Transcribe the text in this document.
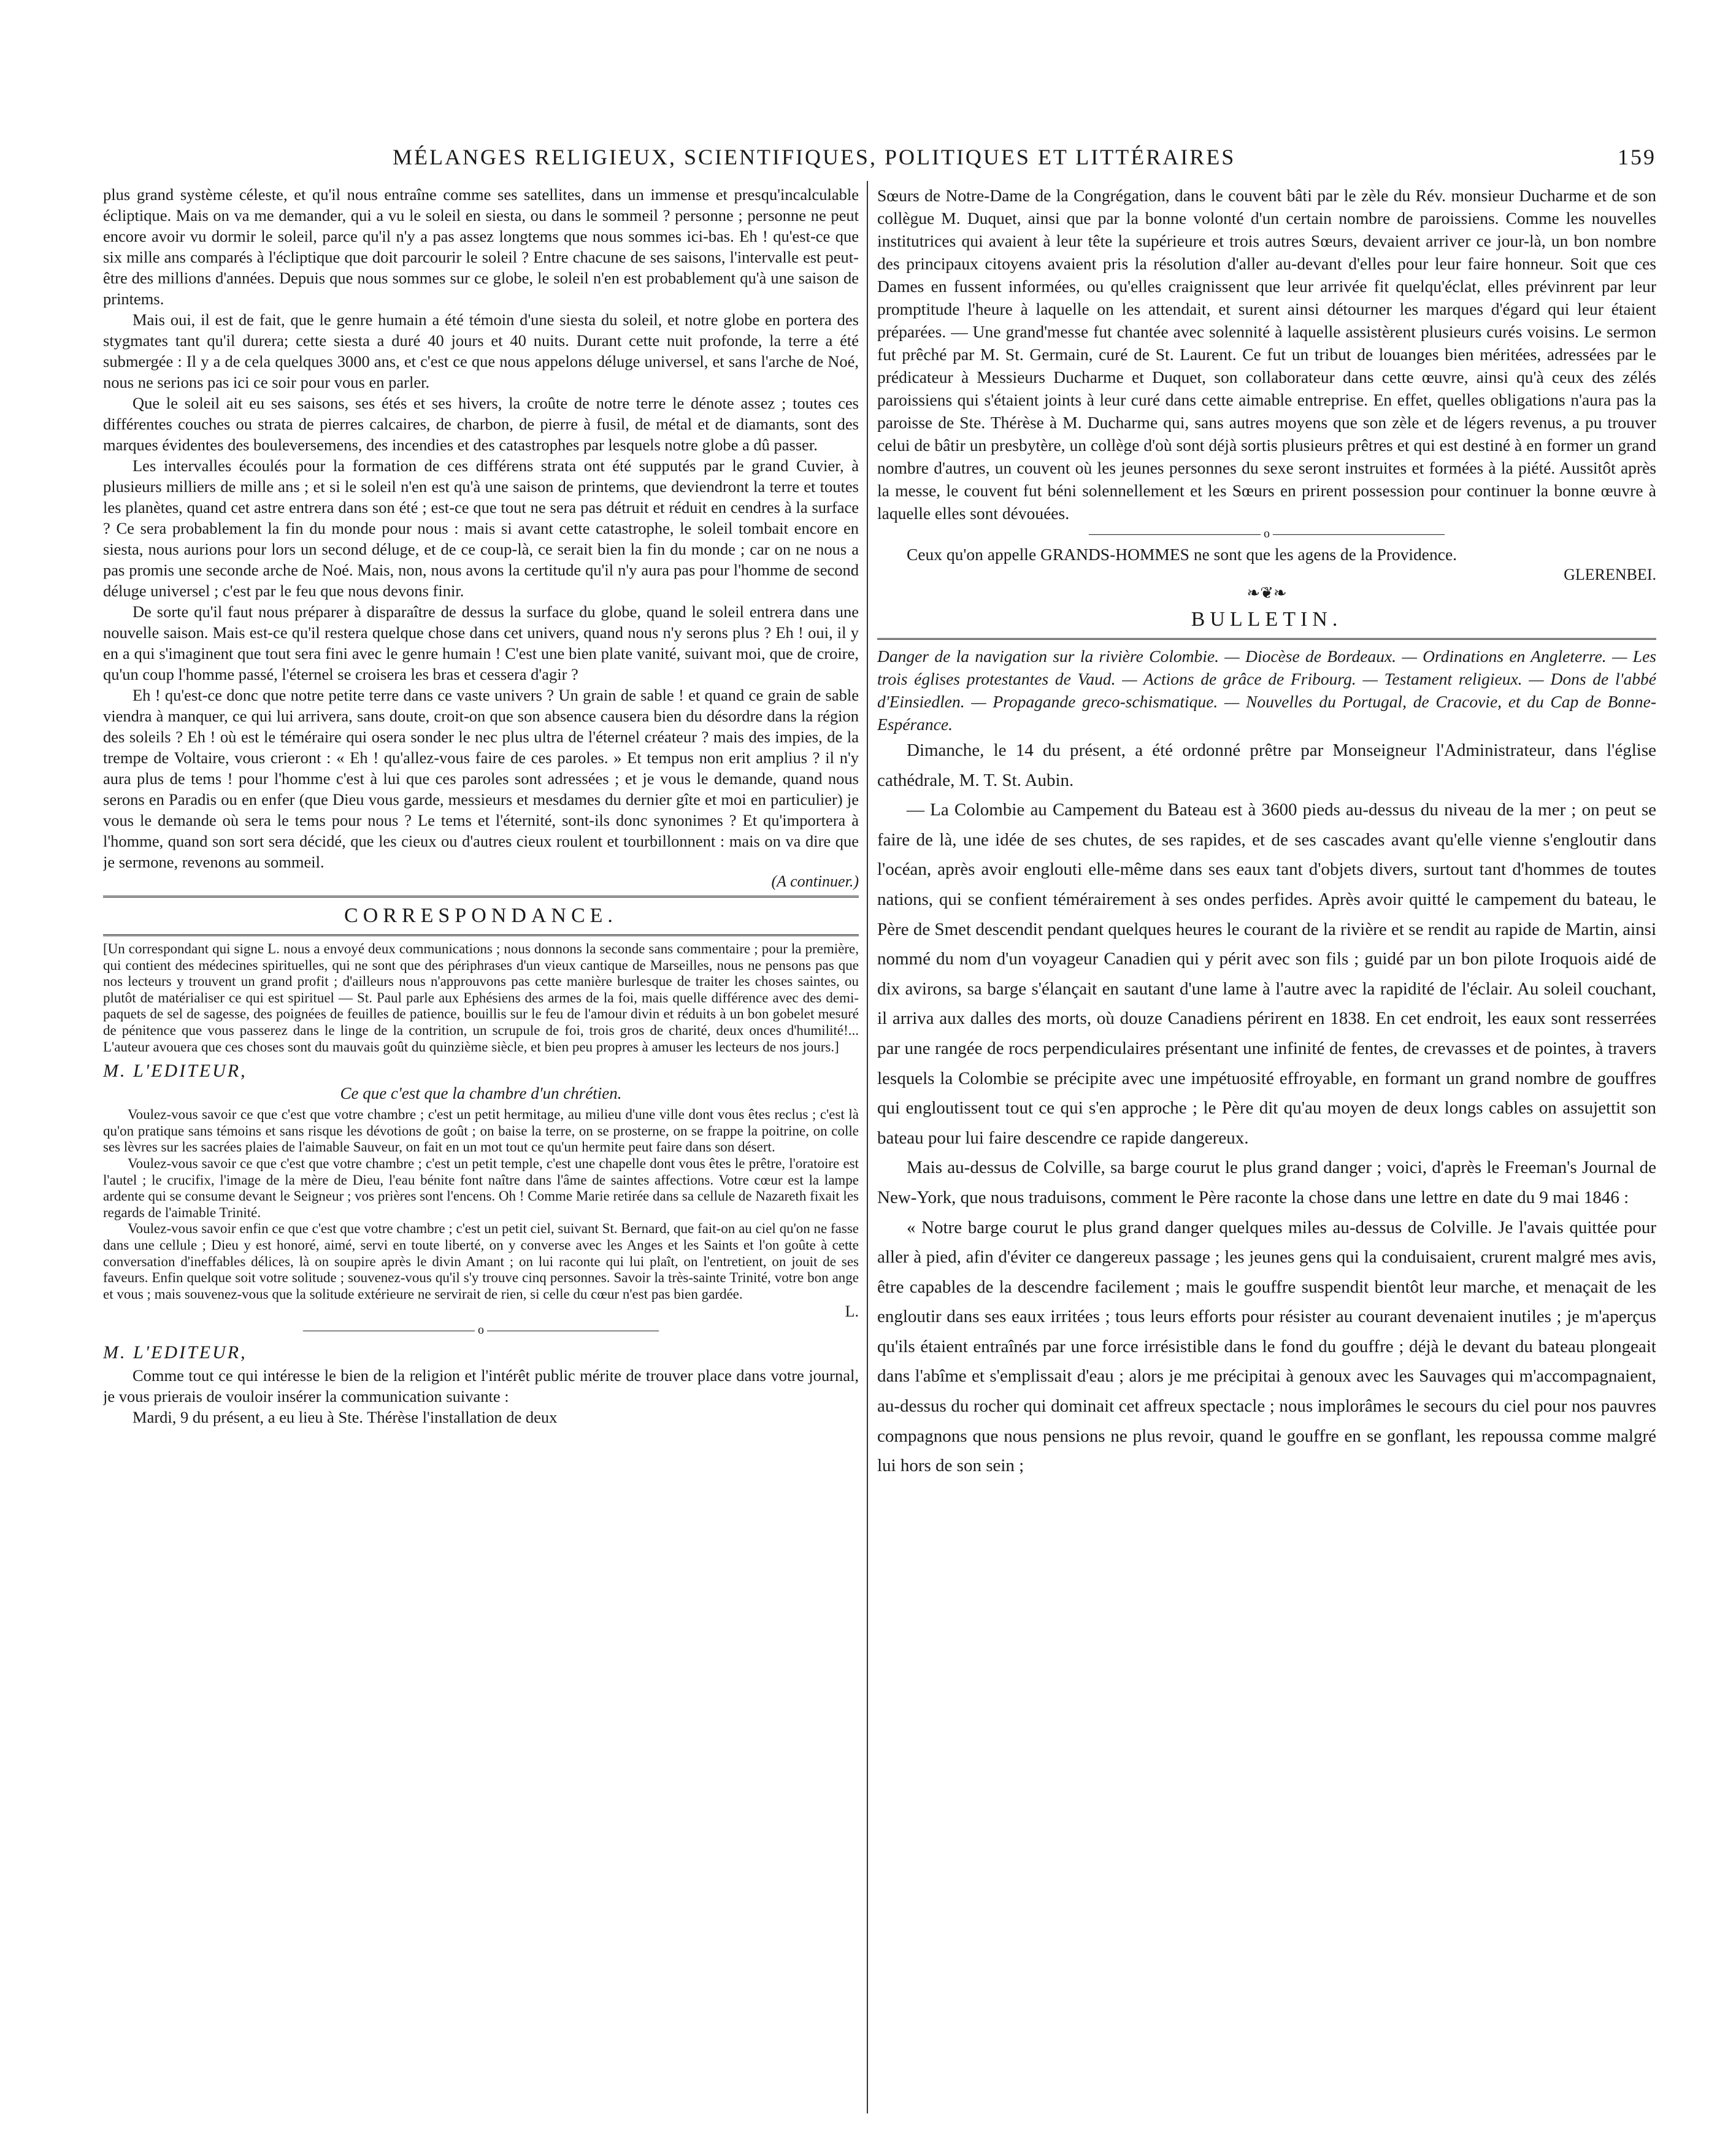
MÉLANGES RELIGIEUX, SCIENTIFIQUES, POLITIQUES ET LITTÉRAIRES	159

plus grand système céleste, et qu'il nous entraîne comme ses satellites, dans un immense et presqu'incalculable écliptique. Mais on va me demander, qui a vu le soleil en siesta, ou dans le sommeil ? personne ; personne ne peut encore avoir vu dormir le soleil, parce qu'il n'y a pas assez longtems que nous sommes ici-bas. Eh ! qu'est-ce que six mille ans comparés à l'écliptique que doit parcourir le soleil ? Entre chacune de ses saisons, l'intervalle est peut-être des millions d'années. Depuis que nous sommes sur ce globe, le soleil n'en est probablement qu'à une saison de printems.

Mais oui, il est de fait, que le genre humain a été témoin d'une siesta du soleil, et notre globe en portera des stygmates tant qu'il durera; cette siesta a duré 40 jours et 40 nuits. Durant cette nuit profonde, la terre a été submergée : Il y a de cela quelques 3000 ans, et c'est ce que nous appelons déluge universel, et sans l'arche de Noé, nous ne serions pas ici ce soir pour vous en parler.

Que le soleil ait eu ses saisons, ses étés et ses hivers, la croûte de notre terre le dénote assez ; toutes ces différentes couches ou strata de pierres calcaires, de charbon, de pierre à fusil, de métal et de diamants, sont des marques évidentes des bouleversemens, des incendies et des catastrophes par lesquels notre globe a dû passer.

Les intervalles écoulés pour la formation de ces différens strata ont été supputés par le grand Cuvier, à plusieurs milliers de mille ans ; et si le soleil n'en est qu'à une saison de printems, que deviendront la terre et toutes les planètes, quand cet astre entrera dans son été ; est-ce que tout ne sera pas détruit et réduit en cendres à la surface ? Ce sera probablement la fin du monde pour nous : mais si avant cette catastrophe, le soleil tombait encore en siesta, nous aurions pour lors un second déluge, et de ce coup-là, ce serait bien la fin du monde ; car on ne nous a pas promis une seconde arche de Noé. Mais, non, nous avons la certitude qu'il n'y aura pas pour l'homme de second déluge universel ; c'est par le feu que nous devons finir.

De sorte qu'il faut nous préparer à disparaître de dessus la surface du globe, quand le soleil entrera dans une nouvelle saison. Mais est-ce qu'il restera quelque chose dans cet univers, quand nous n'y serons plus ? Eh ! oui, il y en a qui s'imaginent que tout sera fini avec le genre humain ! C'est une bien plate vanité, suivant moi, que de croire, qu'un coup l'homme passé, l'éternel se croisera les bras et cessera d'agir ?

Eh ! qu'est-ce donc que notre petite terre dans ce vaste univers ? Un grain de sable ! et quand ce grain de sable viendra à manquer, ce qui lui arrivera, sans doute, croit-on que son absence causera bien du désordre dans la région des soleils ? Eh ! où est le téméraire qui osera sonder le nec plus ultra de l'éternel créateur ? mais des impies, de la trempe de Voltaire, vous crieront : « Eh ! qu'allez-vous faire de ces paroles. » Et tempus non erit amplius ? il n'y aura plus de tems ! pour l'homme c'est à lui que ces paroles sont adressées ; et je vous le demande, quand nous serons en Paradis ou en enfer (que Dieu vous garde, messieurs et mesdames du dernier gîte et moi en particulier) je vous le demande où sera le tems pour nous ? Le tems et l'éternité, sont-ils donc synonimes ? Et qu'importera à l'homme, quand son sort sera décidé, que les cieux ou d'autres cieux roulent et tourbillonnent : mais on va dire que je sermone, revenons au sommeil.

(A continuer.)

CORRESPONDANCE.

[Un correspondant qui signe L. nous a envoyé deux communications ; nous donnons la seconde sans commentaire ; pour la première, qui contient des médecines spirituelles, qui ne sont que des périphrases d'un vieux cantique de Marseilles, nous ne pensons pas que nos lecteurs y trouvent un grand profit ; d'ailleurs nous n'approuvons pas cette manière burlesque de traiter les choses saintes, ou plutôt de matérialiser ce qui est spirituel — St. Paul parle aux Ephésiens des armes de la foi, mais quelle différence avec des demi-paquets de sel de sagesse, des poignées de feuilles de patience, bouillis sur le feu de l'amour divin et réduits à un bon gobelet mesuré de pénitence que vous passerez dans le linge de la contrition, un scrupule de foi, trois gros de charité, deux onces d'humilité!... L'auteur avouera que ces choses sont du mauvais goût du quinzième siècle, et bien peu propres à amuser les lecteurs de nos jours.]

M. L'EDITEUR,
Ce que c'est que la chambre d'un chrétien.

Voulez-vous savoir ce que c'est que votre chambre ; c'est un petit hermitage, au milieu d'une ville dont vous êtes reclus ; c'est là qu'on pratique sans témoins et sans risque les dévotions de goût ; on baise la terre, on se prosterne, on se frappe la poitrine, on colle ses lèvres sur les sacrées plaies de l'aimable Sauveur, on fait en un mot tout ce qu'un hermite peut faire dans son désert.

Voulez-vous savoir ce que c'est que votre chambre ; c'est un petit temple, c'est une chapelle dont vous êtes le prêtre, l'oratoire est l'autel ; le crucifix, l'image de la mère de Dieu, l'eau bénite font naître dans l'âme de saintes affections. Votre cœur est la lampe ardente qui se consume devant le Seigneur ; vos prières sont l'encens. Oh ! Comme Marie retirée dans sa cellule de Nazareth fixait les regards de l'aimable Trinité.

Voulez-vous savoir enfin ce que c'est que votre chambre ; c'est un petit ciel, suivant St. Bernard, que fait-on au ciel qu'on ne fasse dans une cellule ; Dieu y est honoré, aimé, servi en toute liberté, on y converse avec les Anges et les Saints et l'on goûte à cette conversation d'ineffables délices, là on soupire après le divin Amant ; on lui raconte qui lui plaît, on l'entretient, on jouit de ses faveurs. Enfin quelque soit votre solitude ; souvenez-vous qu'il s'y trouve cinq personnes. Savoir la très-sainte Trinité, votre bon ange et vous ; mais souvenez-vous que la solitude extérieure ne servirait de rien, si celle du cœur n'est pas bien gardée.

L.

—————————————— o ——————————————
M. L'EDITEUR,

Comme tout ce qui intéresse le bien de la religion et l'intérêt public mérite de trouver place dans votre journal, je vous prierais de vouloir insérer la communication suivante :

Mardi, 9 du présent, a eu lieu à Ste. Thérèse l'installation de deux

Sœurs de Notre-Dame de la Congrégation, dans le couvent bâti par le zèle du Rév. monsieur Ducharme et de son collègue M. Duquet, ainsi que par la bonne volonté d'un certain nombre de paroissiens. Comme les nouvelles institutrices qui avaient à leur tête la supérieure et trois autres Sœurs, devaient arriver ce jour-là, un bon nombre des principaux citoyens avaient pris la résolution d'aller au-devant d'elles pour leur faire honneur. Soit que ces Dames en fussent informées, ou qu'elles craignissent que leur arrivée fit quelqu'éclat, elles prévinrent par leur promptitude l'heure à laquelle on les attendait, et surent ainsi détourner les marques d'égard qui leur étaient préparées. — Une grand'messe fut chantée avec solennité à laquelle assistèrent plusieurs curés voisins. Le sermon fut prêché par M. St. Germain, curé de St. Laurent. Ce fut un tribut de louanges bien méritées, adressées par le prédicateur à Messieurs Ducharme et Duquet, son collaborateur dans cette œuvre, ainsi qu'à ceux des zélés paroissiens qui s'étaient joints à leur curé dans cette aimable entreprise. En effet, quelles obligations n'aura pas la paroisse de Ste. Thérèse à M. Ducharme qui, sans autres moyens que son zèle et de légers revenus, a pu trouver celui de bâtir un presbytère, un collège d'où sont déjà sortis plusieurs prêtres et qui est destiné à en former un grand nombre d'autres, un couvent où les jeunes personnes du sexe seront instruites et formées à la piété. Aussitôt après la messe, le couvent fut béni solennellement et les Sœurs en prirent possession pour continuer la bonne œuvre à laquelle elles sont dévouées.

—————————————— o ——————————————

Ceux qu'on appelle GRANDS-HOMMES ne sont que les agens de la Providence.

GLERENBEI.

❧❦❧
BULLETIN.

Danger de la navigation sur la rivière Colombie. — Diocèse de Bordeaux. — Ordinations en Angleterre. — Les trois églises protestantes de Vaud. — Actions de grâce de Fribourg. — Testament religieux. — Dons de l'abbé d'Einsiedlen. — Propagande greco-schismatique. — Nouvelles du Portugal, de Cracovie, et du Cap de Bonne-Espérance.

Dimanche, le 14 du présent, a été ordonné prêtre par Monseigneur l'Administrateur, dans l'église cathédrale, M. T. St. Aubin.

— La Colombie au Campement du Bateau est à 3600 pieds au-dessus du niveau de la mer ; on peut se faire de là, une idée de ses chutes, de ses rapides, et de ses cascades avant qu'elle vienne s'engloutir dans l'océan, après avoir englouti elle-même dans ses eaux tant d'objets divers, surtout tant d'hommes de toutes nations, qui se confient témérairement à ses ondes perfides. Après avoir quitté le campement du bateau, le Père de Smet descendit pendant quelques heures le courant de la rivière et se rendit au rapide de Martin, ainsi nommé du nom d'un voyageur Canadien qui y périt avec son fils ; guidé par un bon pilote Iroquois aidé de dix avirons, sa barge s'élançait en sautant d'une lame à l'autre avec la rapidité de l'éclair. Au soleil couchant, il arriva aux dalles des morts, où douze Canadiens périrent en 1838. En cet endroit, les eaux sont resserrées par une rangée de rocs perpendiculaires présentant une infinité de fentes, de crevasses et de pointes, à travers lesquels la Colombie se précipite avec une impétuosité effroyable, en formant un grand nombre de gouffres qui engloutissent tout ce qui s'en approche ; le Père dit qu'au moyen de deux longs cables on assujettit son bateau pour lui faire descendre ce rapide dangereux.

Mais au-dessus de Colville, sa barge courut le plus grand danger ; voici, d'après le Freeman's Journal de New-York, que nous traduisons, comment le Père raconte la chose dans une lettre en date du 9 mai 1846 :

« Notre barge courut le plus grand danger quelques miles au-dessus de Colville. Je l'avais quittée pour aller à pied, afin d'éviter ce dangereux passage ; les jeunes gens qui la conduisaient, crurent malgré mes avis, être capables de la descendre facilement ; mais le gouffre suspendit bientôt leur marche, et menaçait de les engloutir dans ses eaux irritées ; tous leurs efforts pour résister au courant devenaient inutiles ; je m'aperçus qu'ils étaient entraînés par une force irrésistible dans le fond du gouffre ; déjà le devant du bateau plongeait dans l'abîme et s'emplissait d'eau ; alors je me précipitai à genoux avec les Sauvages qui m'accompagnaient, au-dessus du rocher qui dominait cet affreux spectacle ; nous implorâmes le secours du ciel pour nos pauvres compagnons que nous pensions ne plus revoir, quand le gouffre en se gonflant, les repoussa comme malgré lui hors de son sein ;
